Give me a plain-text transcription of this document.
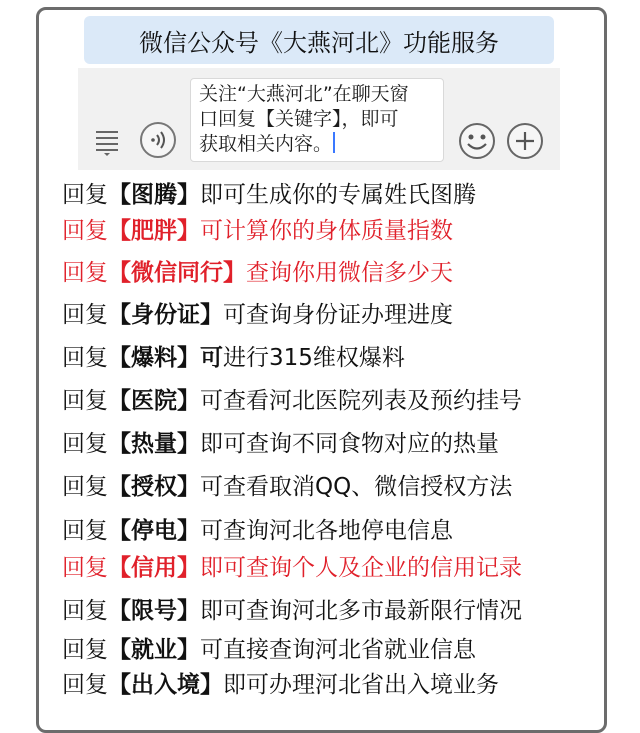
微信公众号《大燕河北》功能服务
关注“大燕河北”在聊天窗
口回复【关键字】，即可
获取相关内容。
回复【图腾】即可生成你的专属姓氏图腾
回复【肥胖】可计算你的身体质量指数
回复【微信同行】查询你用微信多少天
回复【身份证】可查询身份证办理进度
回复【爆料】可进行315维权爆料
回复【医院】可查看河北医院列表及预约挂号
回复【热量】即可查询不同食物对应的热量
回复【授权】可查看取消QQ、微信授权方法
回复【停电】可查询河北各地停电信息
回复【信用】即可查询个人及企业的信用记录
回复【限号】即可查询河北多市最新限行情况
回复【就业】可直接查询河北省就业信息
回复【出入境】即可办理河北省出入境业务
